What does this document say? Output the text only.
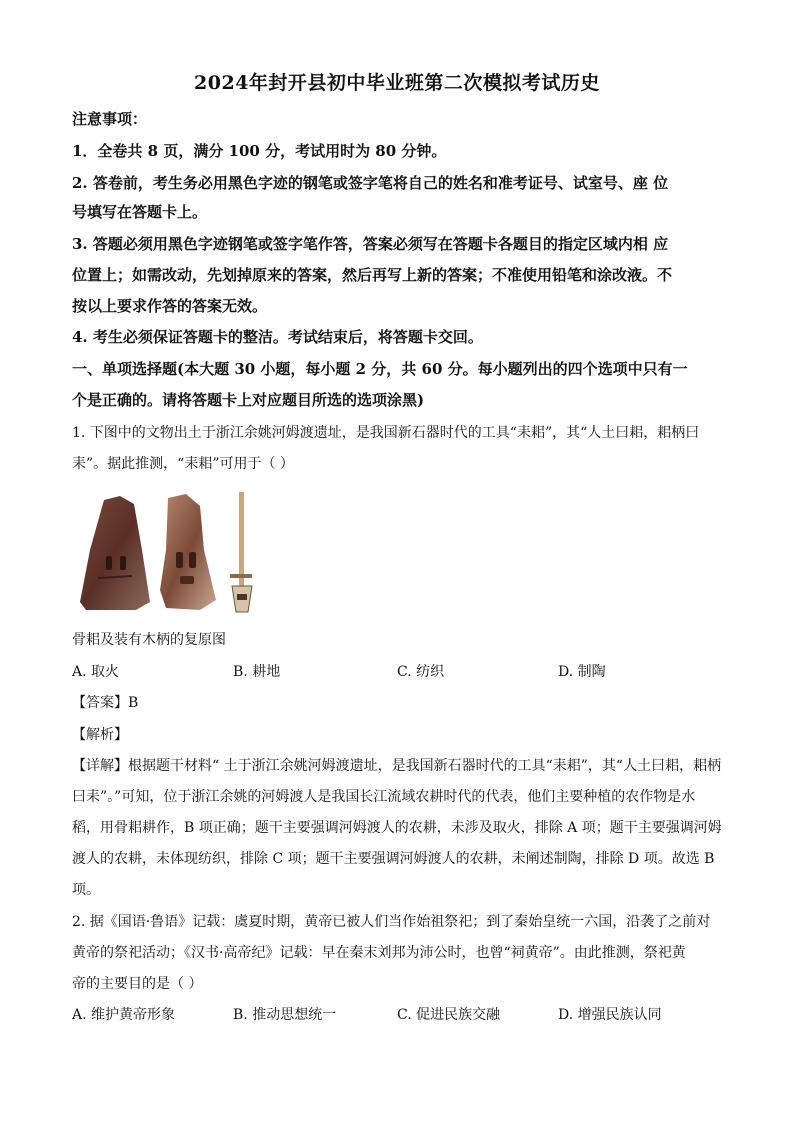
2024年封开县初中毕业班第二次模拟考试历史
注意事项：
1．全卷共 8 页，满分 100 分，考试用时为 80 分钟。
2. 答卷前，考生务必用黑色字迹的钢笔或签字笔将自己的姓名和准考证号、试室号、座 位
号填写在答题卡上。
3. 答题必须用黑色字迹钢笔或签字笔作答，答案必须写在答题卡各题目的指定区域内相 应
位置上；如需改动，先划掉原来的答案，然后再写上新的答案；不准使用铅笔和涂改液。不
按以上要求作答的答案无效。
4. 考生必须保证答题卡的整洁。考试结束后，将答题卡交回。
一、单项选择题(本大题 30 小题，每小题 2 分，共 60 分。每小题列出的四个选项中只有一
个是正确的。请将答题卡上对应题目所选的选项涂黑)
1. 下图中的文物出土于浙江余姚河姆渡遗址，是我国新石器时代的工具“耒耜”，其“人土曰耜，耜柄曰
耒”。据此推测，“耒耜”可用于（ ）
骨耜及装有木柄的复原图
A. 取火	B. 耕地	C. 纺织	D. 制陶
【答案】B
【解析】
【详解】根据题干材料“ 土于浙江余姚河姆渡遗址，是我国新石器时代的工具“耒耜”，其“人土曰耜，耜柄
曰耒”。”可知，位于浙江余姚的河姆渡人是我国长江流域农耕时代的代表，他们主要种植的农作物是水
稻，用骨耜耕作，B 项正确；题干主要强调河姆渡人的农耕，未涉及取火，排除 A 项；题干主要强调河姆
渡人的农耕，未体现纺织，排除 C 项；题干主要强调河姆渡人的农耕，未阐述制陶，排除 D 项。故选 B
项。
2. 据《国语·鲁语》记载：虞夏时期，黄帝已被人们当作始祖祭祀；到了秦始皇统一六国，沿袭了之前对
黄帝的祭祀活动；《汉书·高帝纪》记载：早在秦末刘邦为沛公时，也曾“祠黄帝”。由此推测，祭祀黄
帝的主要目的是（ ）
A. 维护黄帝形象	B. 推动思想统一	C. 促进民族交融	D. 增强民族认同
